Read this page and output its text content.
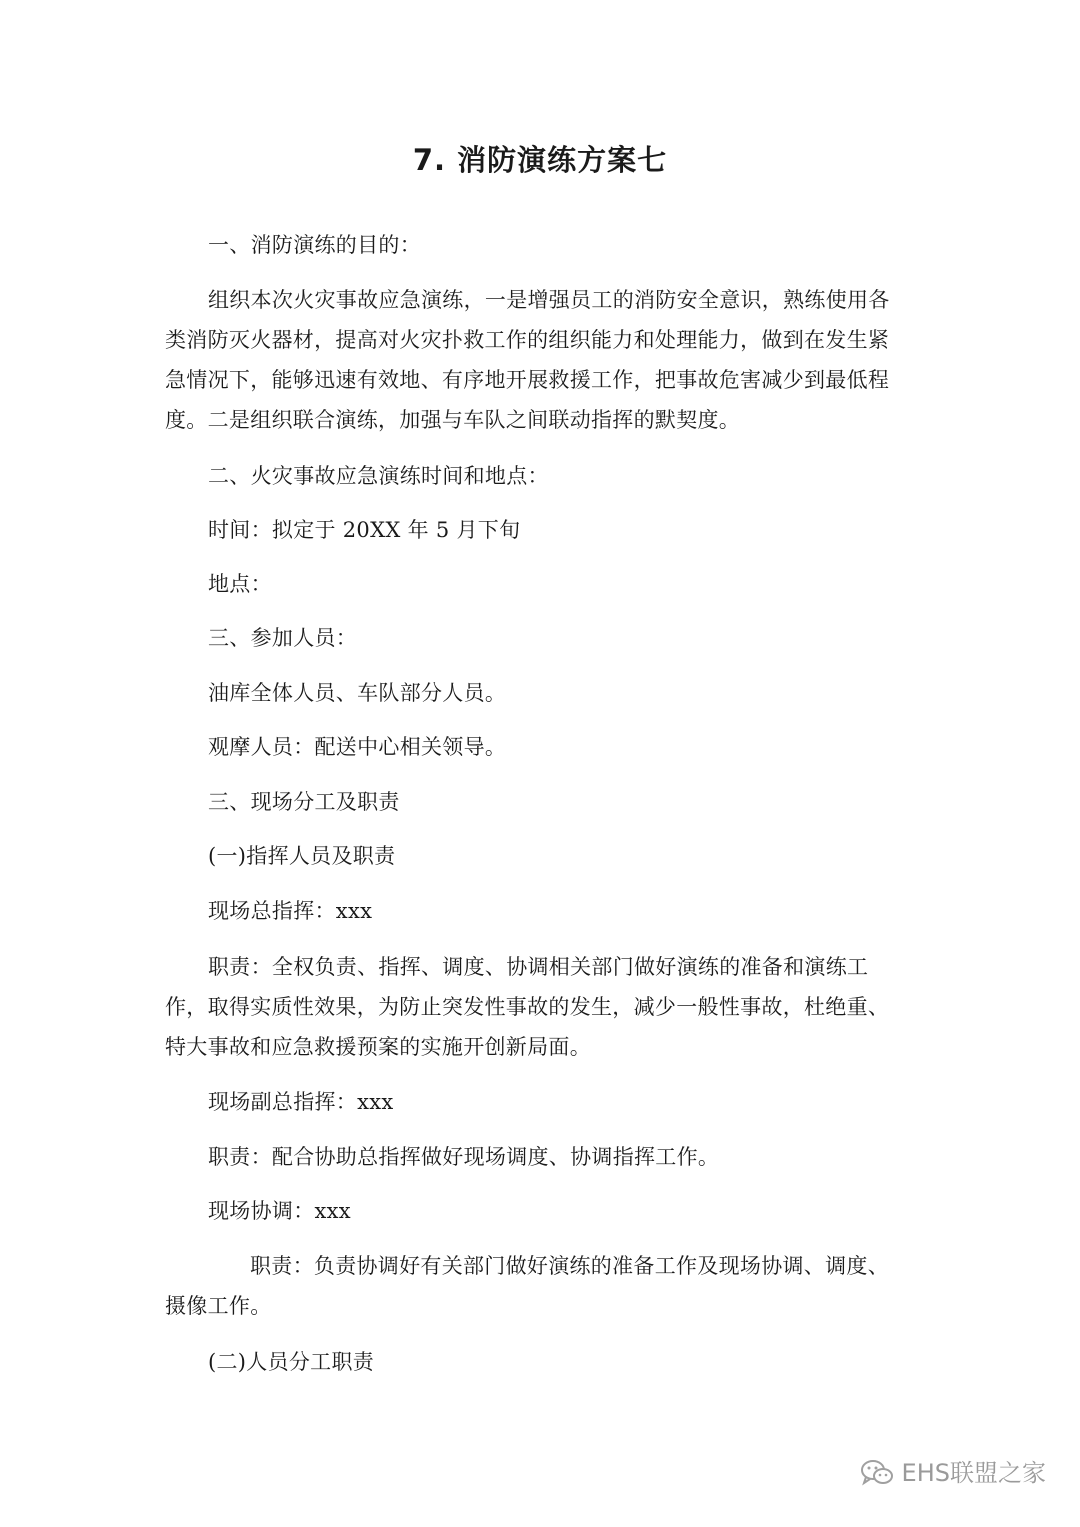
7. 消防演练方案七
一、消防演练的目的：
组织本次火灾事故应急演练，一是增强员工的消防安全意识，熟练使用各
类消防灭火器材，提高对火灾扑救工作的组织能力和处理能力，做到在发生紧
急情况下，能够迅速有效地、有序地开展救援工作，把事故危害减少到最低程
度。二是组织联合演练，加强与车队之间联动指挥的默契度。
二、火灾事故应急演练时间和地点：
时间：拟定于 20XX 年 5 月下旬
地点：
三、参加人员：
油库全体人员、车队部分人员。
观摩人员：配送中心相关领导。
三、现场分工及职责
(一)指挥人员及职责
现场总指挥：xxx
职责：全权负责、指挥、调度、协调相关部门做好演练的准备和演练工
作，取得实质性效果，为防止突发性事故的发生，减少一般性事故，杜绝重、
特大事故和应急救援预案的实施开创新局面。
现场副总指挥：xxx
职责：配合协助总指挥做好现场调度、协调指挥工作。
现场协调：xxx
职责：负责协调好有关部门做好演练的准备工作及现场协调、调度、
摄像工作。
(二)人员分工职责
EHS联盟之家
